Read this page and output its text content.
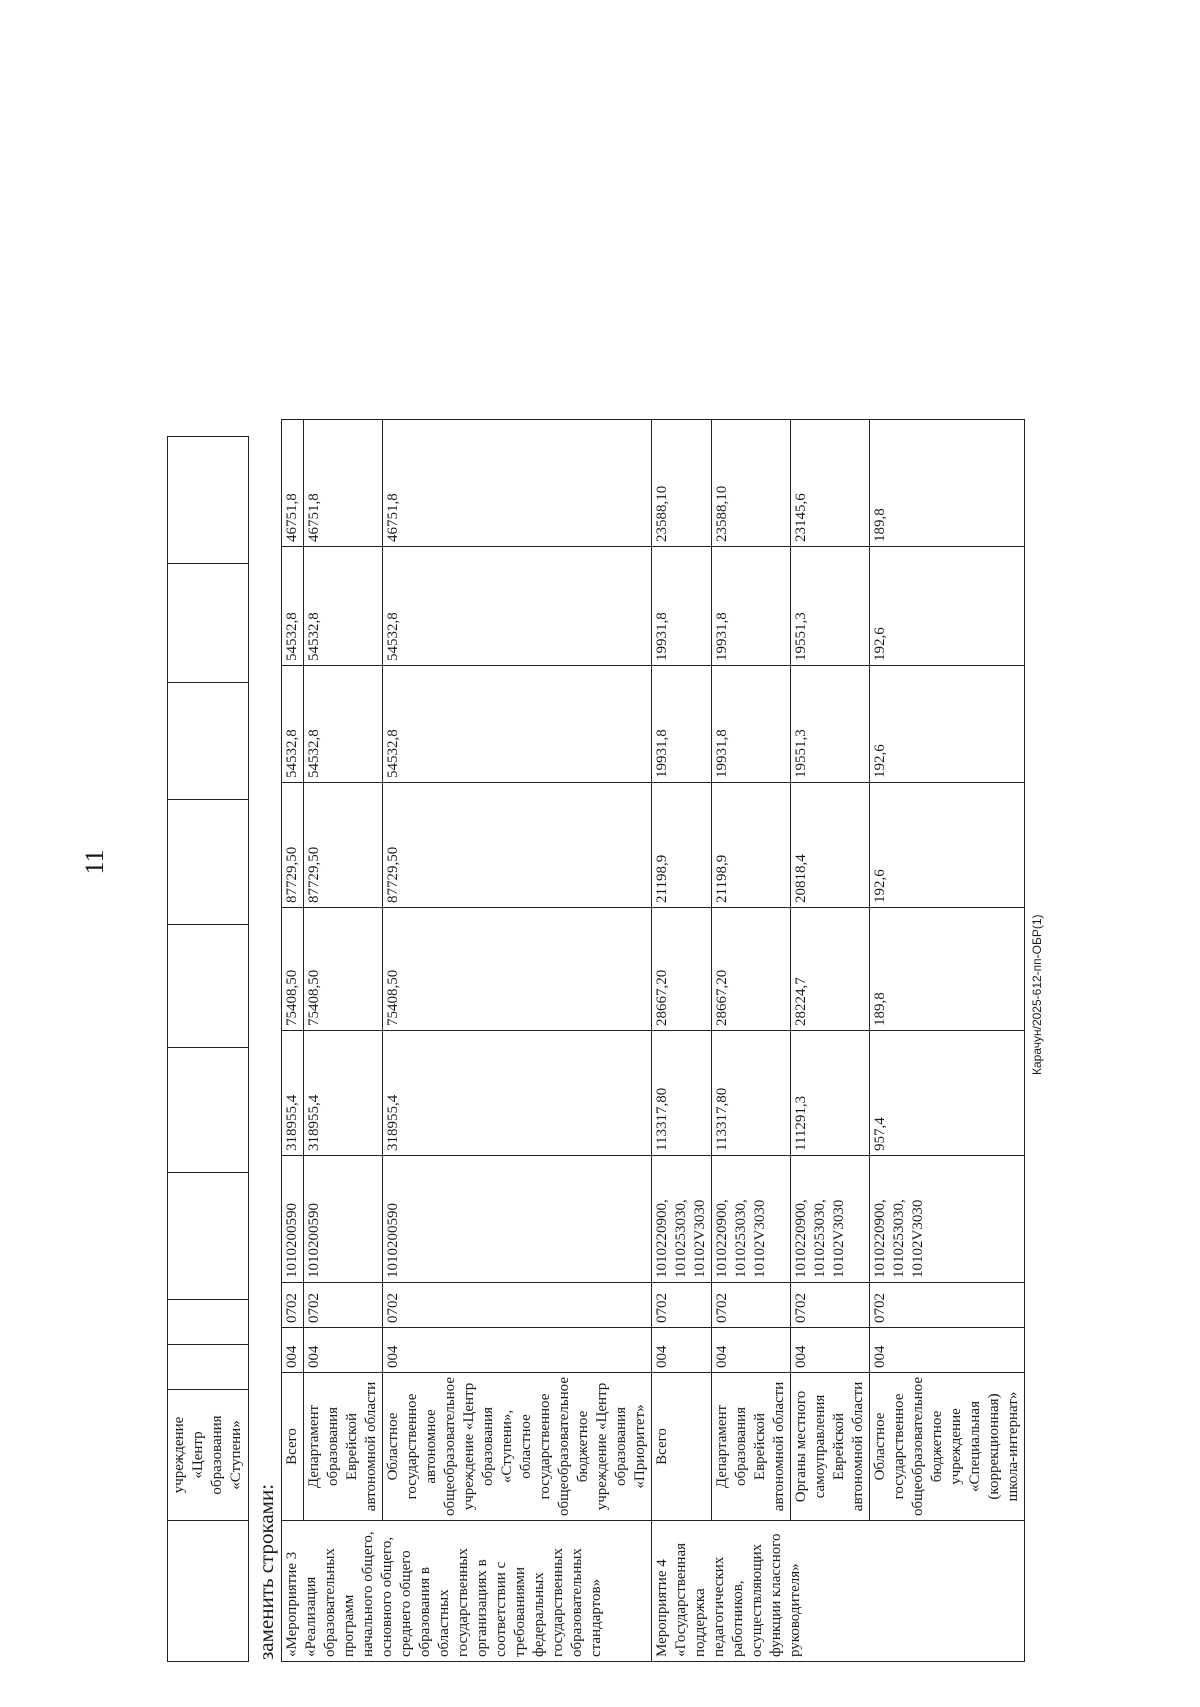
11
	учреждение «Центр образования «Ступени»									
заменить строками: «Мероприятие 3 «Реализация образовательных программ начального общего, основного общего, среднего общего образования в областных государственных организациях в соответствии с требованиями федеральных государственных образовательных стандартов»	Всего	004	0702	1010200590	318955,4	75408,50	87729,50	54532,8	54532,8	46751,8
	Департамент образования Еврейской автономной области	004	0702	1010200590	318955,4	75408,50	87729,50	54532,8	54532,8	46751,8
	Областное государственное автономное общеобразовательное учреждение «Центр образования «Ступени», областное государственное общеобразовательное бюджетное учреждение «Центр образования «Приоритет»	004	0702	1010200590	318955,4	75408,50	87729,50	54532,8	54532,8	46751,8
Мероприятие 4 «Государственная поддержка педагогических работников, осуществляющих функции классного руководителя»	Всего	004	0702	1010220900, 1010253030, 10102V3030	113317,80	28667,20	21198,9	19931,8	19931,8	23588,10
	Департамент образования Еврейской автономной области	004	0702	1010220900, 1010253030, 10102V3030	113317,80	28667,20	21198,9	19931,8	19931,8	23588,10
	Органы местного самоуправления Еврейской автономной области	004	0702	1010220900, 1010253030, 10102V3030	111291,3	28224,7	20818,4	19551,3	19551,3	23145,6
	Областное государственное общеобразовательное бюджетное учреждение «Специальная (коррекционная) школа-интернат»	004	0702	1010220900, 1010253030, 10102V3030	957,4	189,8	192,6	192,6	192,6	189,8
Карачун/2025-612-пп-ОБР(1)
